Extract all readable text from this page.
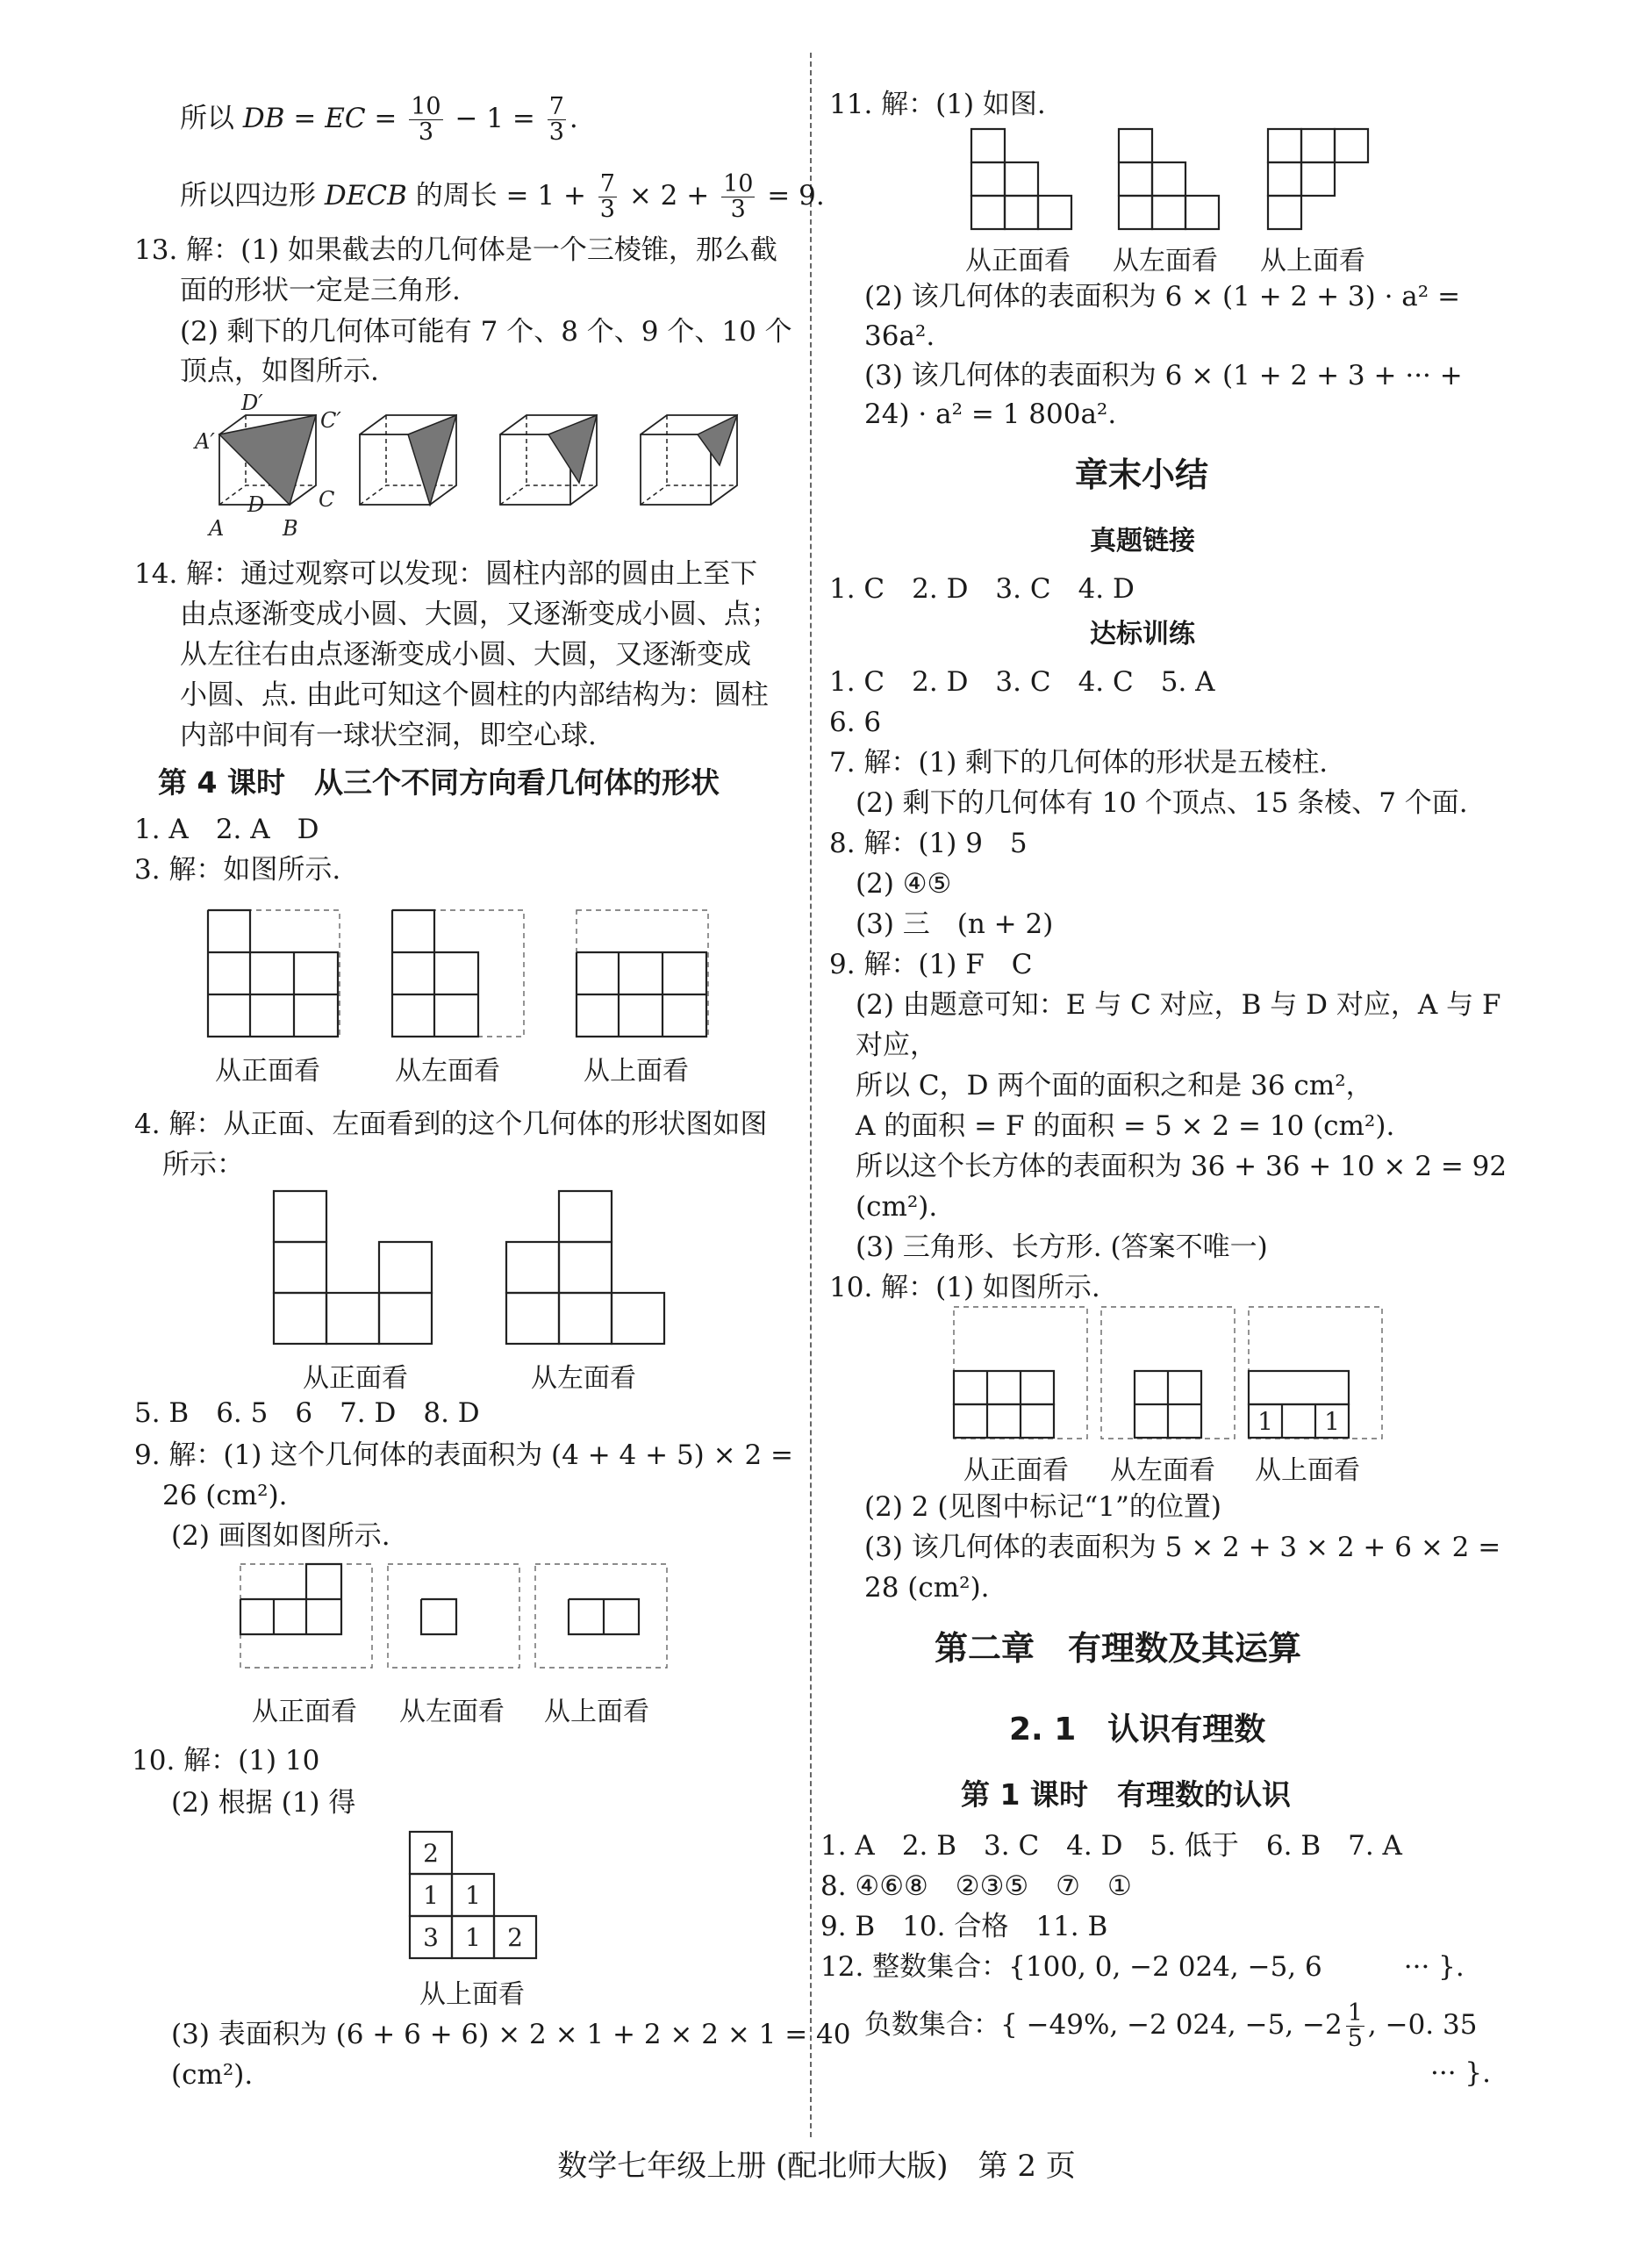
所以 DB = EC = $\frac{10}{3} - 1 = \frac{7}{3}$ .
所以四边形 DECB 的周长 = $1 + \frac{7}{3} \times 2 + \frac{10}{3} = 9$.
13. 解：(1) 如果截去的几何体是一个三棱锥，那么截
面的形状一定是三角形.
(2) 剩下的几何体可能有 7 个、8 个、9 个、10 个
顶点，如图所示.
D′
C′
A′
C
D
A	B
14. 解：通过观察可以发现：圆柱内部的圆由上至下
由点逐渐变成小圆、大圆，又逐渐变成小圆、点；
从左往右由点逐渐变成小圆、大圆，又逐渐变成
小圆、点. 由此可知这个圆柱的内部结构为：圆柱
内部中间有一球状空洞，即空心球.
第 4 课时　从三个不同方向看几何体的形状
1. A　2. A　D
3. 解：如图所示.
从正面看	从左面看	从上面看
4. 解：从正面、左面看到的这个几何体的形状图如图
所示：
从正面看	从左面看
5. B　6. 5　6　7. D　8. D
9. 解：(1) 这个几何体的表面积为 (4 + 4 + 5) × 2 =
26 (cm²).
(2) 画图如图所示.
从正面看 从左面看 从上面看
10. 解：(1) 10
(2) 根据 (1) 得
2
1 1
3 1 2
从上面看
(3) 表面积为 (6 + 6 + 6) × 2 × 1 + 2 × 2 × 1 = 40
(cm²).
11. 解：(1) 如图.
从正面看 从左面看 从上面看
(2) 该几何体的表面积为 6 × (1 + 2 + 3) · a² =
36a².
(3) 该几何体的表面积为 6 × (1 + 2 + 3 + ··· +
24) · a² = 1 800a².
章末小结
真题链接
1. C　2. D　3. C　4. D
达标训练
1. C　2. D　3. C　4. C　5. A
6. 6
7. 解：(1) 剩下的几何体的形状是五棱柱.
(2) 剩下的几何体有 10 个顶点、15 条棱、7 个面.
8. 解：(1) 9　5
(2) ④⑤
(3) 三　(n + 2)
9. 解：(1) F　C
(2) 由题意可知：E 与 C 对应，B 与 D 对应，A 与 F
对应，
所以 C，D 两个面的面积之和是 36 cm²，
A 的面积 = F 的面积 = 5 × 2 = 10 (cm²).
所以这个长方体的表面积为 36 + 36 + 10 × 2 = 92
(cm²).
(3) 三角形、长方形. (答案不唯一)
10. 解：(1) 如图所示.
1 1
从正面看 从左面看 从上面看
(2) 2 (见图中标记“1”的位置)
(3) 该几何体的表面积为 5 × 2 + 3 × 2 + 6 × 2 =
28 (cm²).
第二章　有理数及其运算
2. 1　认识有理数
第 1 课时　有理数的认识
1. A　2. B　3. C　4. D　5. 低于　6. B　7. A
8. ④⑥⑧　②③⑤　⑦　①
9. B　10. 合格　11. B
12. 整数集合：{100, 0, −2 024, −5, 6　　　··· }.
负数集合：{ −49%, −2 024, −5, $-2 \frac{1}{5}$ , −0. 35
··· }.
数学七年级上册 (配北师大版)　第 2 页
